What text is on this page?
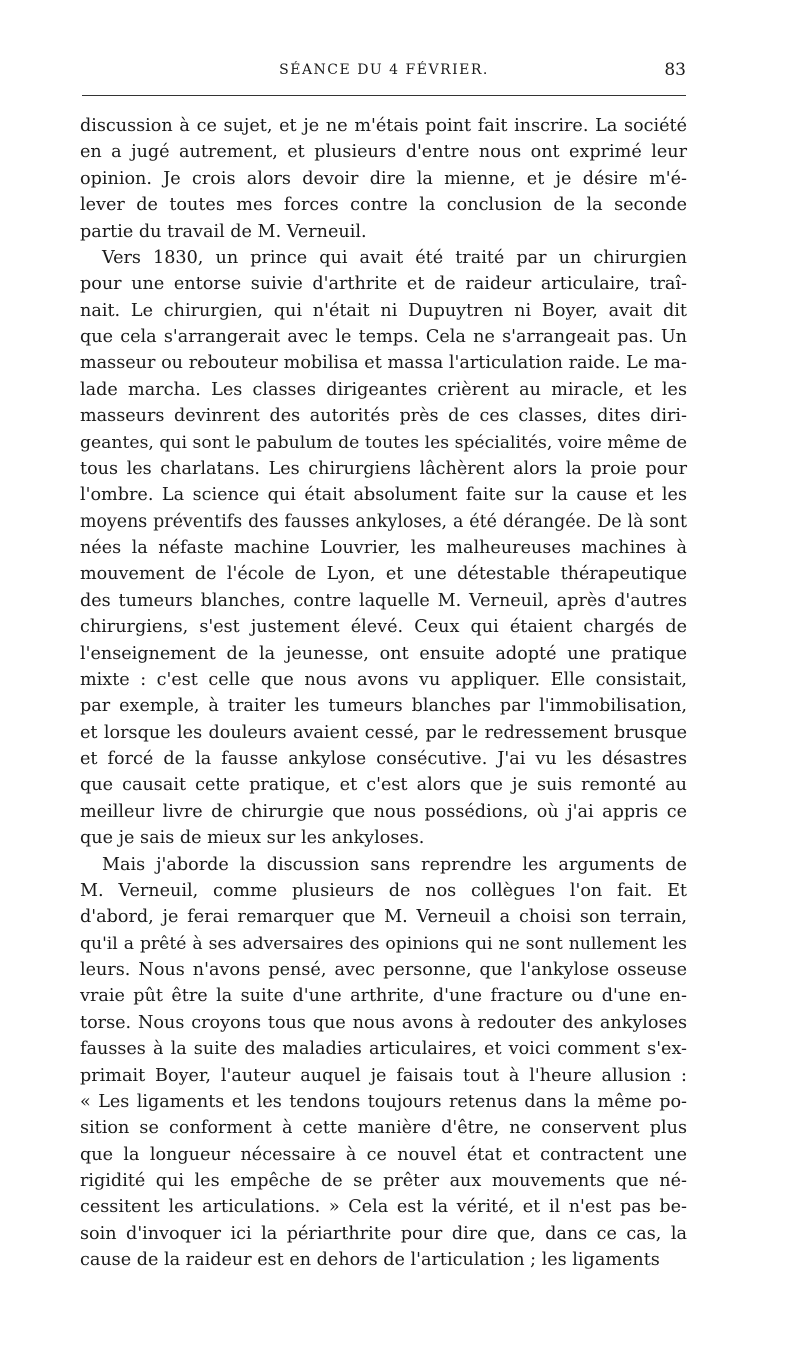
SÉANCE DU 4 FÉVRIER.	83
discussion à ce sujet, et je ne m'étais point fait inscrire. La société
en a jugé autrement, et plusieurs d'entre nous ont exprimé leur
opinion. Je crois alors devoir dire la mienne, et je désire m'é-
lever de toutes mes forces contre la conclusion de la seconde
partie du travail de M. Verneuil.
Vers 1830, un prince qui avait été traité par un chirurgien
pour une entorse suivie d'arthrite et de raideur articulaire, traî-
nait. Le chirurgien, qui n'était ni Dupuytren ni Boyer, avait dit
que cela s'arrangerait avec le temps. Cela ne s'arrangeait pas. Un
masseur ou rebouteur mobilisa et massa l'articulation raide. Le ma-
lade marcha. Les classes dirigeantes crièrent au miracle, et les
masseurs devinrent des autorités près de ces classes, dites diri-
geantes, qui sont le pabulum de toutes les spécialités, voire même de
tous les charlatans. Les chirurgiens lâchèrent alors la proie pour
l'ombre. La science qui était absolument faite sur la cause et les
moyens préventifs des fausses ankyloses, a été dérangée. De là sont
nées la néfaste machine Louvrier, les malheureuses machines à
mouvement de l'école de Lyon, et une détestable thérapeutique
des tumeurs blanches, contre laquelle M. Verneuil, après d'autres
chirurgiens, s'est justement élevé. Ceux qui étaient chargés de
l'enseignement de la jeunesse, ont ensuite adopté une pratique
mixte : c'est celle que nous avons vu appliquer. Elle consistait,
par exemple, à traiter les tumeurs blanches par l'immobilisation,
et lorsque les douleurs avaient cessé, par le redressement brusque
et forcé de la fausse ankylose consécutive. J'ai vu les désastres
que causait cette pratique, et c'est alors que je suis remonté au
meilleur livre de chirurgie que nous possédions, où j'ai appris ce
que je sais de mieux sur les ankyloses.
Mais j'aborde la discussion sans reprendre les arguments de
M. Verneuil, comme plusieurs de nos collègues l'on fait. Et
d'abord, je ferai remarquer que M. Verneuil a choisi son terrain,
qu'il a prêté à ses adversaires des opinions qui ne sont nullement les
leurs. Nous n'avons pensé, avec personne, que l'ankylose osseuse
vraie pût être la suite d'une arthrite, d'une fracture ou d'une en-
torse. Nous croyons tous que nous avons à redouter des ankyloses
fausses à la suite des maladies articulaires, et voici comment s'ex-
primait Boyer, l'auteur auquel je faisais tout à l'heure allusion :
« Les ligaments et les tendons toujours retenus dans la même po-
sition se conforment à cette manière d'être, ne conservent plus
que la longueur nécessaire à ce nouvel état et contractent une
rigidité qui les empêche de se prêter aux mouvements que né-
cessitent les articulations. » Cela est la vérité, et il n'est pas be-
soin d'invoquer ici la périarthrite pour dire que, dans ce cas, la
cause de la raideur est en dehors de l'articulation ; les ligaments
